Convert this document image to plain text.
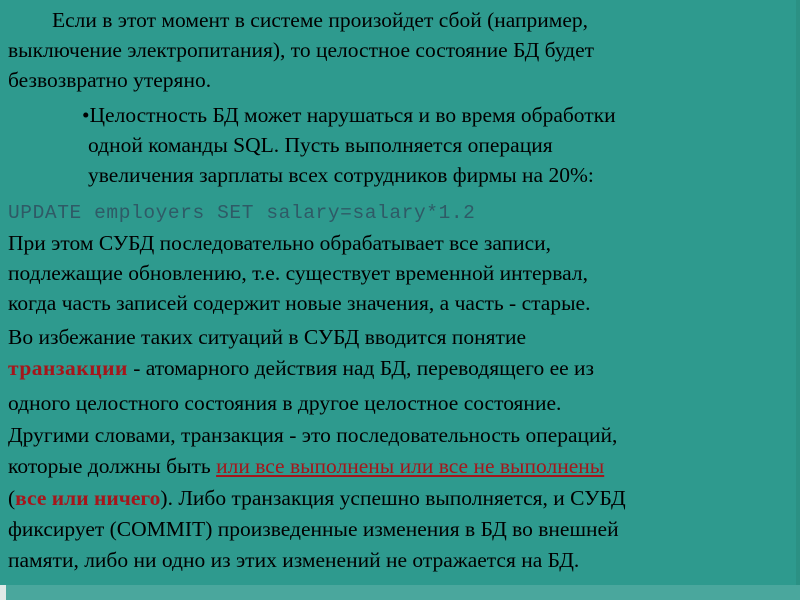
Если в этот момент в системе произойдет сбой (например,
выключение электропитания), то целостное состояние БД будет
безвозвратно утеряно.
•Целостность БД может нарушаться и во время обработки
одной команды SQL. Пусть выполняется операция
увеличения зарплаты всех сотрудников фирмы на 20%:
UPDATE employers SET salary=salary*1.2
При этом СУБД последовательно обрабатывает все записи,
подлежащие обновлению, т.е. существует временной интервал,
когда часть записей содержит новые значения, а часть - старые.
Во избежание таких ситуаций в СУБД вводится понятие
транзакции - атомарного действия над БД, переводящего ее из
одного целостного состояния в другое целостное состояние.
Другими словами, транзакция - это последовательность операций,
которые должны быть или все выполнены или все не выполнены
(все или ничего). Либо транзакция успешно выполняется, и СУБД
фиксирует (COMMIT) произведенные изменения в БД во внешней
памяти, либо ни одно из этих изменений не отражается на БД.
